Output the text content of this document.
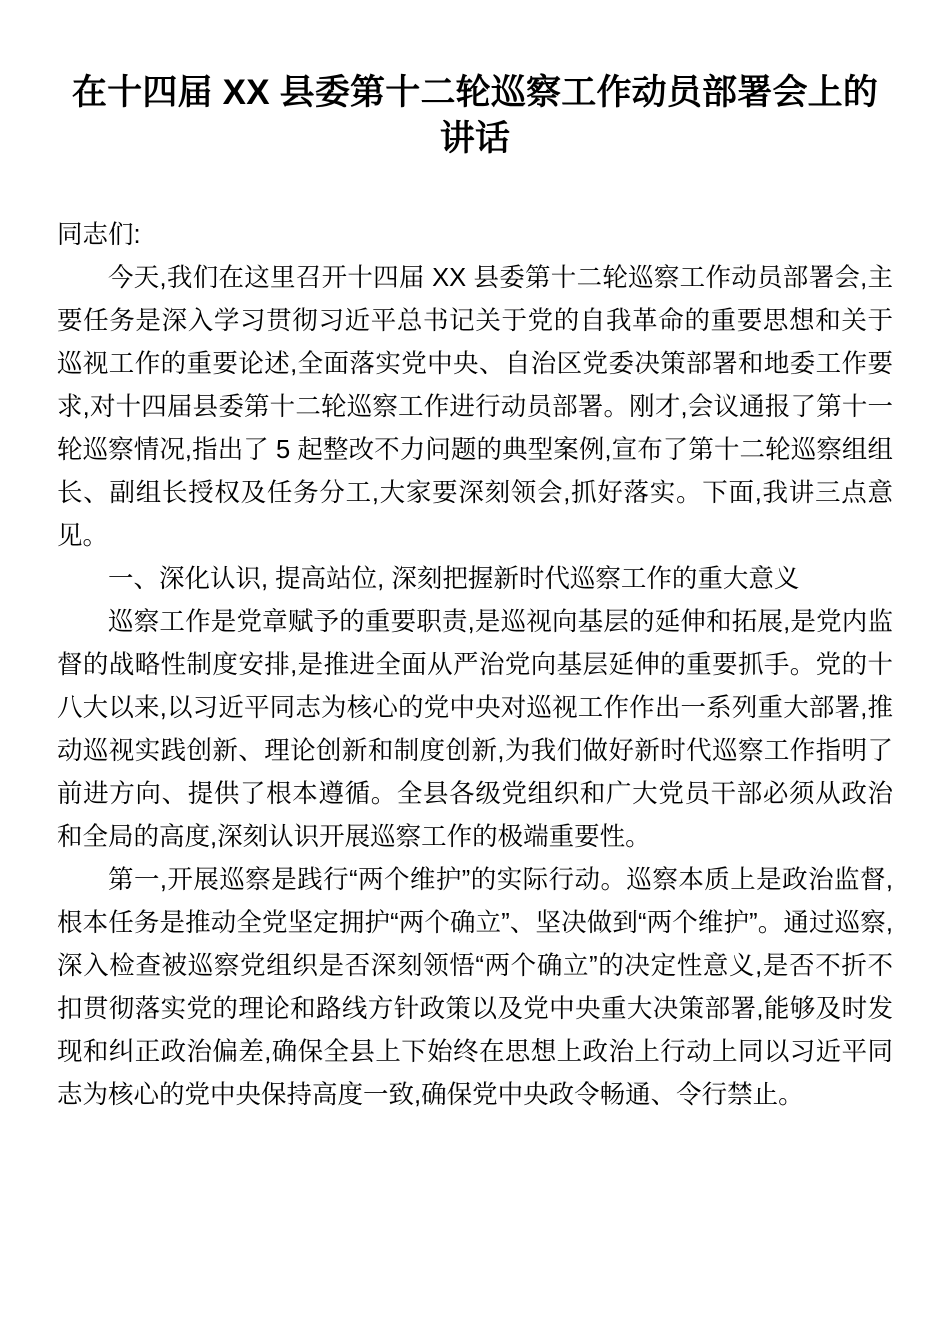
在十四届 XX 县委第十二轮巡察工作动员部署会上的讲话

同志们:

今天,我们在这里召开十四届 XX 县委第十二轮巡察工作动员部署会,主要任务是深入学习贯彻习近平总书记关于党的自我革命的重要思想和关于巡视工作的重要论述,全面落实党中央、自治区党委决策部署和地委工作要求,对十四届县委第十二轮巡察工作进行动员部署。刚才,会议通报了第十一轮巡察情况,指出了 5 起整改不力问题的典型案例,宣布了第十二轮巡察组组长、副组长授权及任务分工,大家要深刻领会,抓好落实。下面,我讲三点意见。

一、深化认识, 提高站位, 深刻把握新时代巡察工作的重大意义

巡察工作是党章赋予的重要职责,是巡视向基层的延伸和拓展,是党内监督的战略性制度安排,是推进全面从严治党向基层延伸的重要抓手。党的十八大以来,以习近平同志为核心的党中央对巡视工作作出一系列重大部署,推动巡视实践创新、理论创新和制度创新,为我们做好新时代巡察工作指明了前进方向、提供了根本遵循。全县各级党组织和广大党员干部必须从政治和全局的高度,深刻认识开展巡察工作的极端重要性。

第一,开展巡察是践行“两个维护”的实际行动。巡察本质上是政治监督,根本任务是推动全党坚定拥护“两个确立”、坚决做到“两个维护”。通过巡察,深入检查被巡察党组织是否深刻领悟“两个确立”的决定性意义,是否不折不扣贯彻落实党的理论和路线方针政策以及党中央重大决策部署,能够及时发现和纠正政治偏差,确保全县上下始终在思想上政治上行动上同以习近平同志为核心的党中央保持高度一致,确保党中央政令畅通、令行禁止。
